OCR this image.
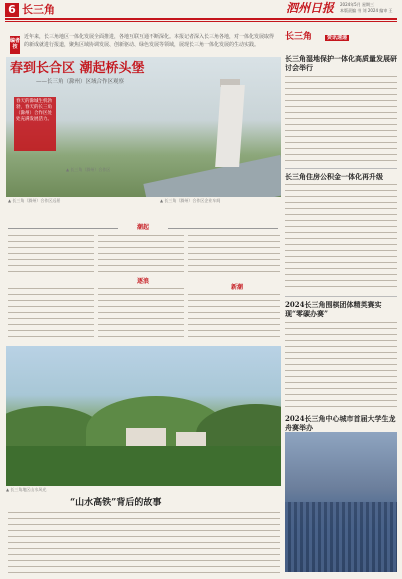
6 长三角	泗州日报 2024年5月 星期三
本版责编 书 刘 2024 编审 王
编者按
近年来，长三角地区一体化发展全面推进，各地互联互通不断深化。本报记者深入长三角各地，对一体化发展取得的新成就进行报道，聚焦区域协调发展、创新驱动、绿色发展等领域，展现长三角一体化发展的生动实践。
春到长合区 潮起桥头堡
——长三角（滁州）区域合作区观察
春天的滁城生机勃勃，春天的长三角（滁州）合作区处处充满发展活力。
▲ 长三角（滁州）合作区
▲ 长三角（滁州）合作区远景	▲ 长三角（滁州）合作区企业车间
潮起
逐浪
新潮
▲ 长三角地区山水风光
“山水高铁”背后的故事
长三角	资讯速递
长三角湿地保护一体化高质量发展研讨会举行
长三角住房公积金一体化再升级
2024长三角围棋团体精英赛实现“零碳办赛”
2024长三角中心城市首届大学生龙舟赛举办
